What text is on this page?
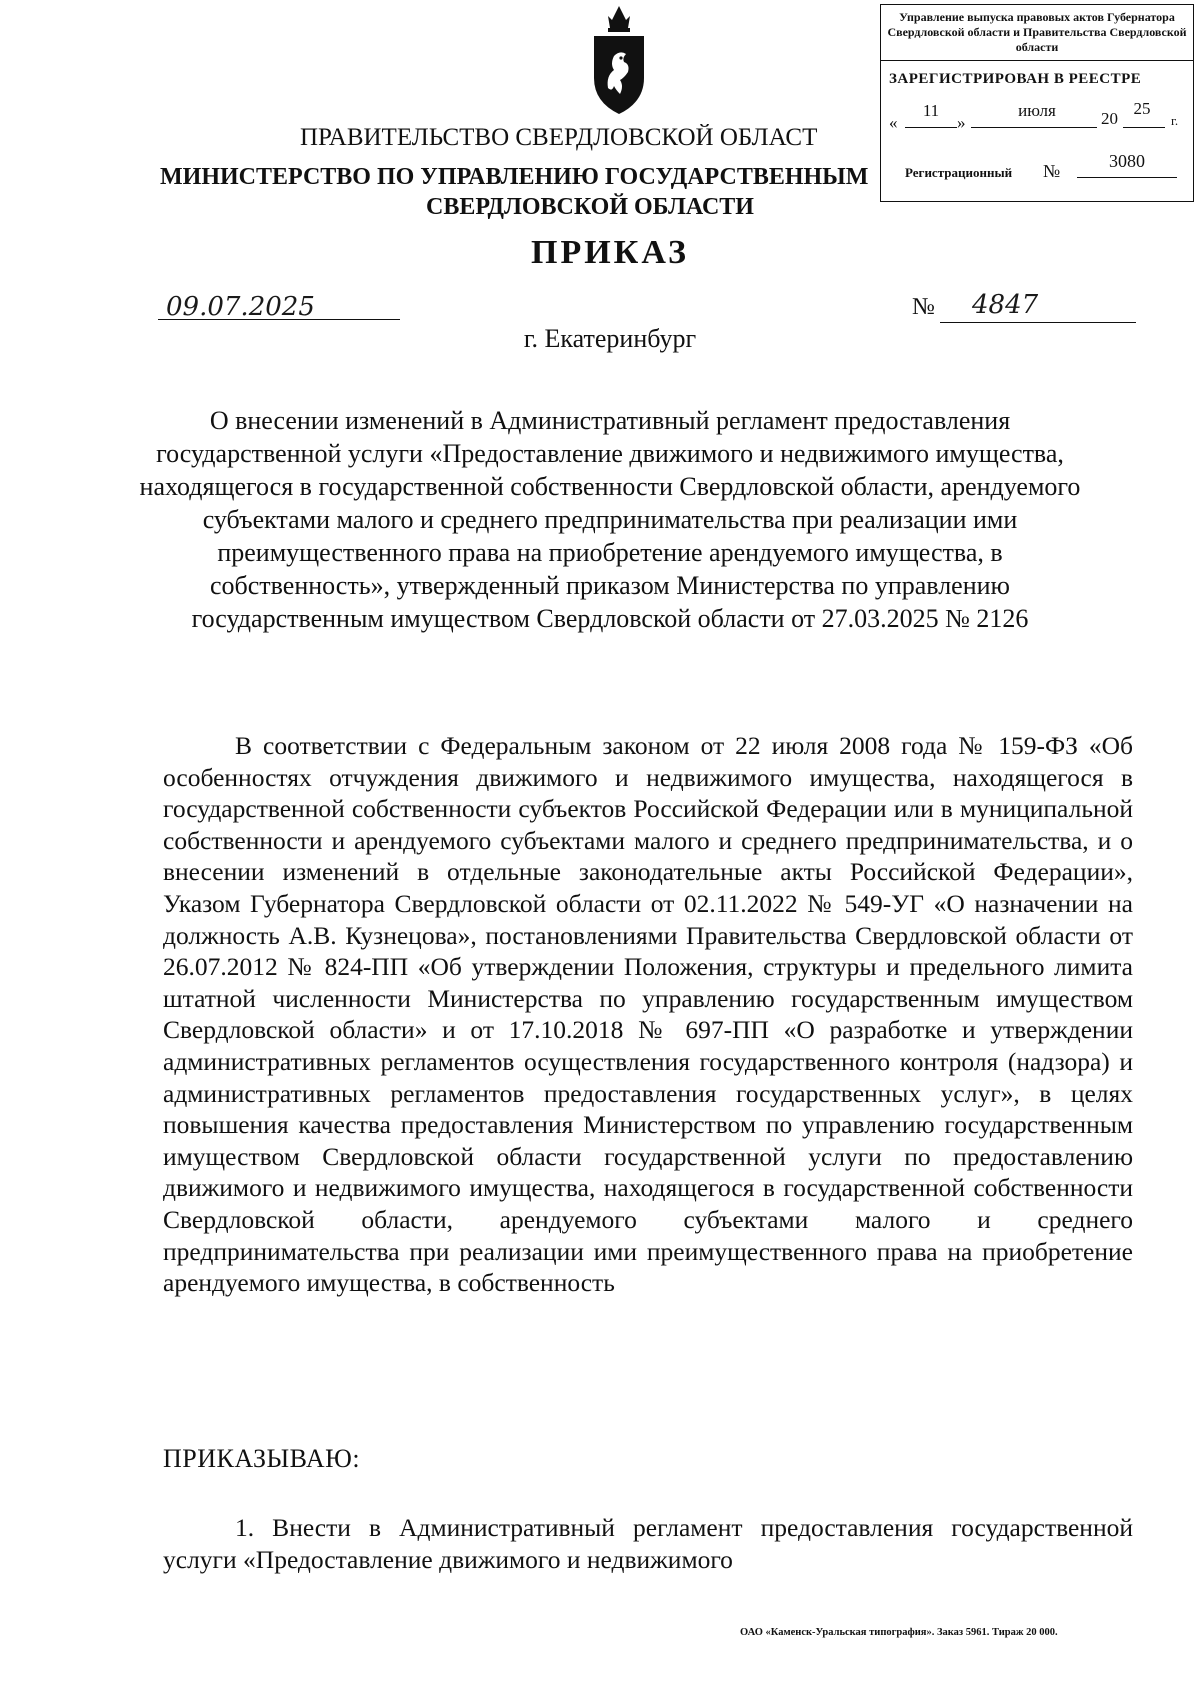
Управление выпуска правовых актов Губернатора Свердловской области и Правительства Свердловской области
ЗАРЕГИСТРИРОВАН В РЕЕСТРЕ
«
11
»
июля	20
25
г.
Регистрационный №	3080
ПРАВИТЕЛЬСТВО СВЕРДЛОВСКОЙ ОБЛАСТ
МИНИСТЕРСТВО ПО УПРАВЛЕНИЮ ГОСУДАРСТВЕННЫМ
СВЕРДЛОВСКОЙ ОБЛАСТИ
ПРИКАЗ
09.07.2025	№ 4847
г. Екатеринбург
О внесении изменений в Административный регламент предоставления государственной услуги «Предоставление движимого и недвижимого имущества, находящегося в государственной собственности Свердловской области, арендуемого субъектами малого и среднего предпринимательства при реализации ими преимущественного права на приобретение арендуемого имущества, в собственность», утвержденный приказом Министерства по управлению государственным имуществом Свердловской области от 27.03.2025 № 2126
В соответствии с Федеральным законом от 22 июля 2008 года № 159-ФЗ «Об особенностях отчуждения движимого и недвижимого имущества, находящегося в государственной собственности субъектов Российской Федерации или в муниципальной собственности и арендуемого субъектами малого и среднего предпринимательства, и о внесении изменений в отдельные законодательные акты Российской Федерации», Указом Губернатора Свердловской области от 02.11.2022 № 549-УГ «О назначении на должность А.В. Кузнецова», постановлениями Правительства Свердловской области от 26.07.2012 № 824-ПП «Об утверждении Положения, структуры и предельного лимита штатной численности Министерства по управлению государственным имуществом Свердловской области» и от 17.10.2018 № 697-ПП «О разработке и утверждении административных регламентов осуществления государственного контроля (надзора) и административных регламентов предоставления государственных услуг», в целях повышения качества предоставления Министерством по управлению государственным имуществом Свердловской области государственной услуги по предоставлению движимого и недвижимого имущества, находящегося в государственной собственности Свердловской области, арендуемого субъектами малого и среднего предпринимательства при реализации ими преимущественного права на приобретение арендуемого имущества, в собственность
ПРИКАЗЫВАЮ:
1. Внести в Административный регламент предоставления государственной услуги «Предоставление движимого и недвижимого
ОАО «Каменск-Уральская типография». Заказ 5961. Тираж 20 000.
